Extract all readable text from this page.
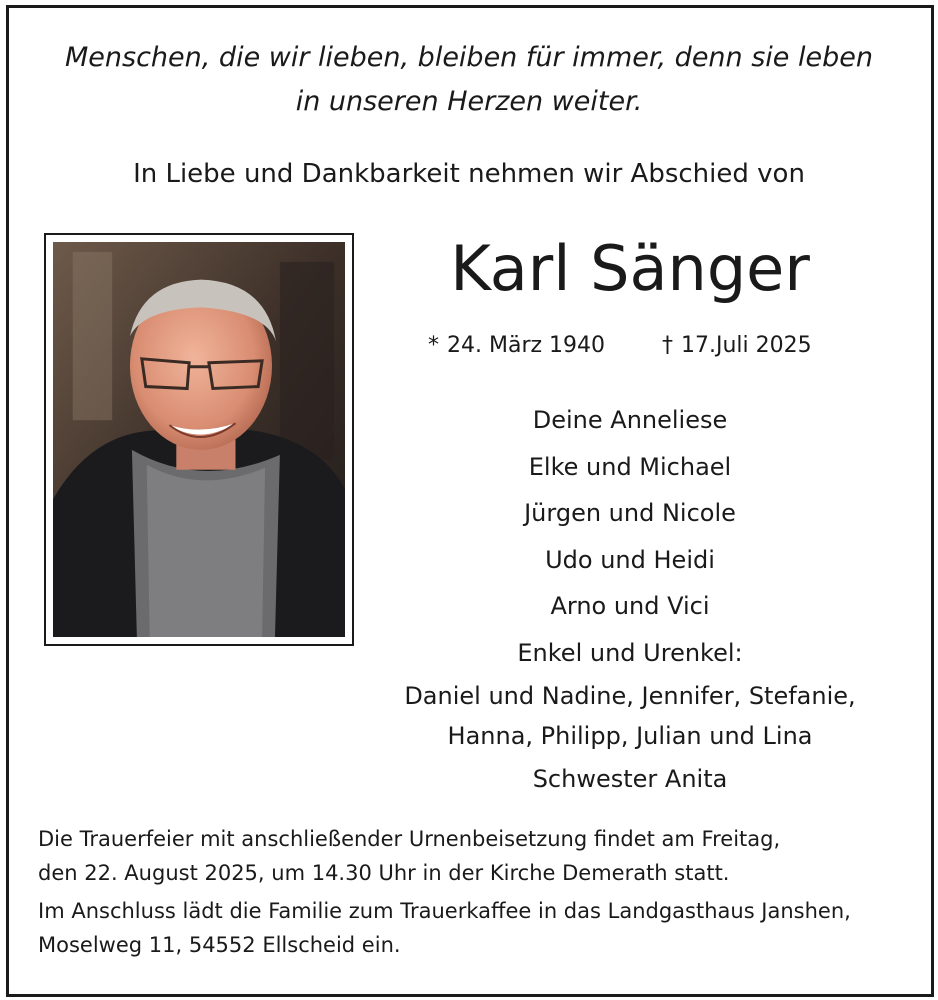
Menschen, die wir lieben, bleiben für immer, denn sie leben
in unseren Herzen weiter.
In Liebe und Dankbarkeit nehmen wir Abschied von
Karl Sänger
* 24. März 1940	† 17.Juli 2025
Deine Anneliese
Elke und Michael
Jürgen und Nicole
Udo und Heidi
Arno und Vici
Enkel und Urenkel:
Daniel und Nadine, Jennifer, Stefanie,
Hanna, Philipp, Julian und Lina
Schwester Anita

Die Trauerfeier mit anschließender Urnenbeisetzung findet am Freitag,

den 22. August 2025, um 14.30 Uhr in der Kirche Demerath statt.

Im Anschluss lädt die Familie zum Trauerkaffee in das Landgasthaus Janshen,

Moselweg 11, 54552 Ellscheid ein.
